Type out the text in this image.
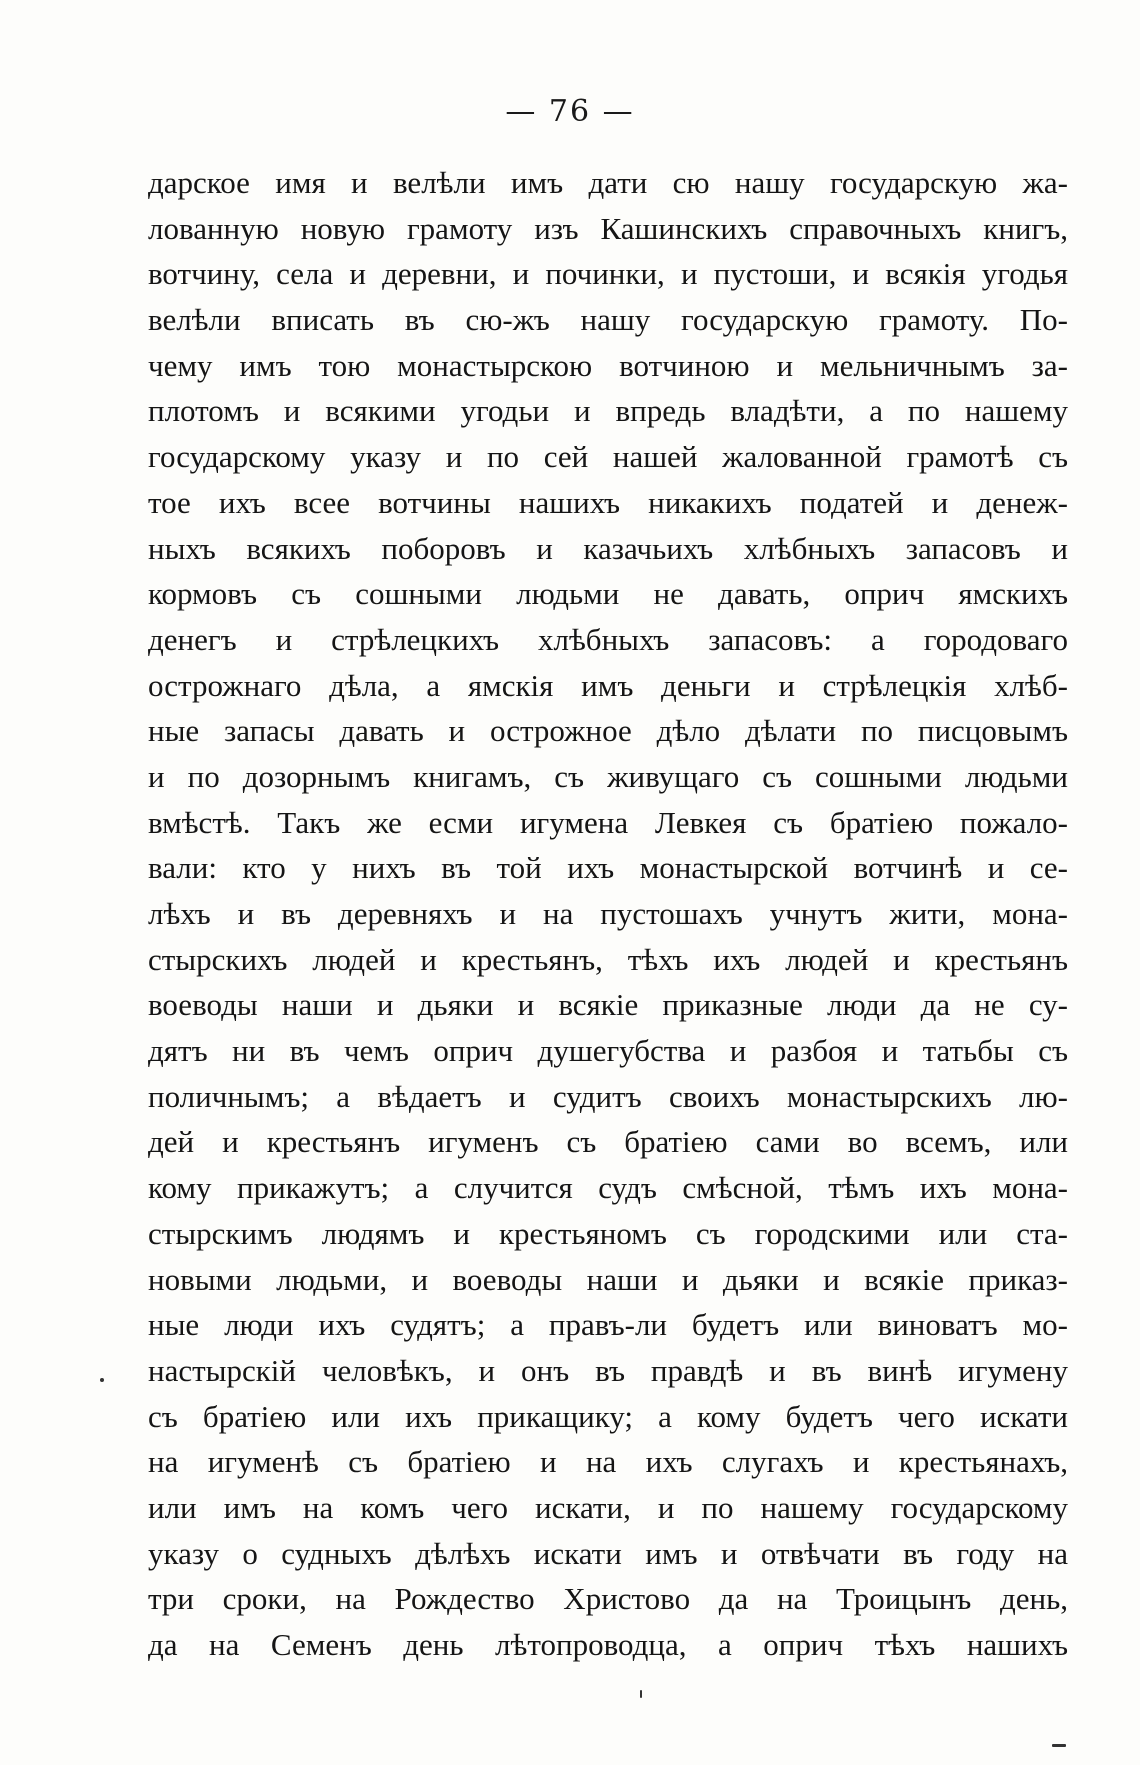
— 76 —
дарское имя и велѣли имъ дати сю нашу государскую жа-
лованную новую грамоту изъ Кашинскихъ справочныхъ книгъ,
вотчину, села и деревни, и починки, и пустоши, и всякія угодья
велѣли вписать въ сю-жъ нашу государскую грамоту. По-
чему имъ тою монастырскою вотчиною и мельничнымъ за-
плотомъ и всякими угодьи и впредь владѣти, а по нашему
государскому указу и по сей нашей жалованной грамотѣ съ
тое ихъ всее вотчины нашихъ никакихъ податей и денеж-
ныхъ всякихъ поборовъ и казачьихъ хлѣбныхъ запасовъ и
кормовъ съ сошными людьми не давать, оприч ямскихъ
денегъ и стрѣлецкихъ хлѣбныхъ запасовъ: а городоваго
острожнаго дѣла, а ямскія имъ деньги и стрѣлецкія хлѣб-
ные запасы давать и острожное дѣло дѣлати по писцовымъ
и по дозорнымъ книгамъ, съ живущаго съ сошными людьми
вмѣстѣ. Такъ же есми игумена Левкея съ братіею пожало-
вали: кто у нихъ въ той ихъ монастырской вотчинѣ и се-
лѣхъ и въ деревняхъ и на пустошахъ учнутъ жити, мона-
стырскихъ людей и крестьянъ, тѣхъ ихъ людей и крестьянъ
воеводы наши и дьяки и всякіе приказные люди да не су-
дятъ ни въ чемъ оприч душегубства и разбоя и татьбы съ
поличнымъ; а вѣдаетъ и судитъ своихъ монастырскихъ лю-
дей и крестьянъ игуменъ съ братіею сами во всемъ, или
кому прикажутъ; а случится судъ смѣсной, тѣмъ ихъ мона-
стырскимъ людямъ и крестьяномъ съ городскими или ста-
новыми людьми, и воеводы наши и дьяки и всякіе приказ-
ные люди ихъ судятъ; а правъ-ли будетъ или виноватъ мо-
настырскій человѣкъ, и онъ въ правдѣ и въ винѣ игумену
съ братіею или ихъ прикащику; а кому будетъ чего искати
на игуменѣ съ братіею и на ихъ слугахъ и крестьянахъ,
или имъ на комъ чего искати, и по нашему государскому
указу о судныхъ дѣлѣхъ искати имъ и отвѣчати въ году на
три сроки, на Рождество Христово да на Троицынъ день,
да на Семенъ день лѣтопроводца, а оприч тѣхъ нашихъ
